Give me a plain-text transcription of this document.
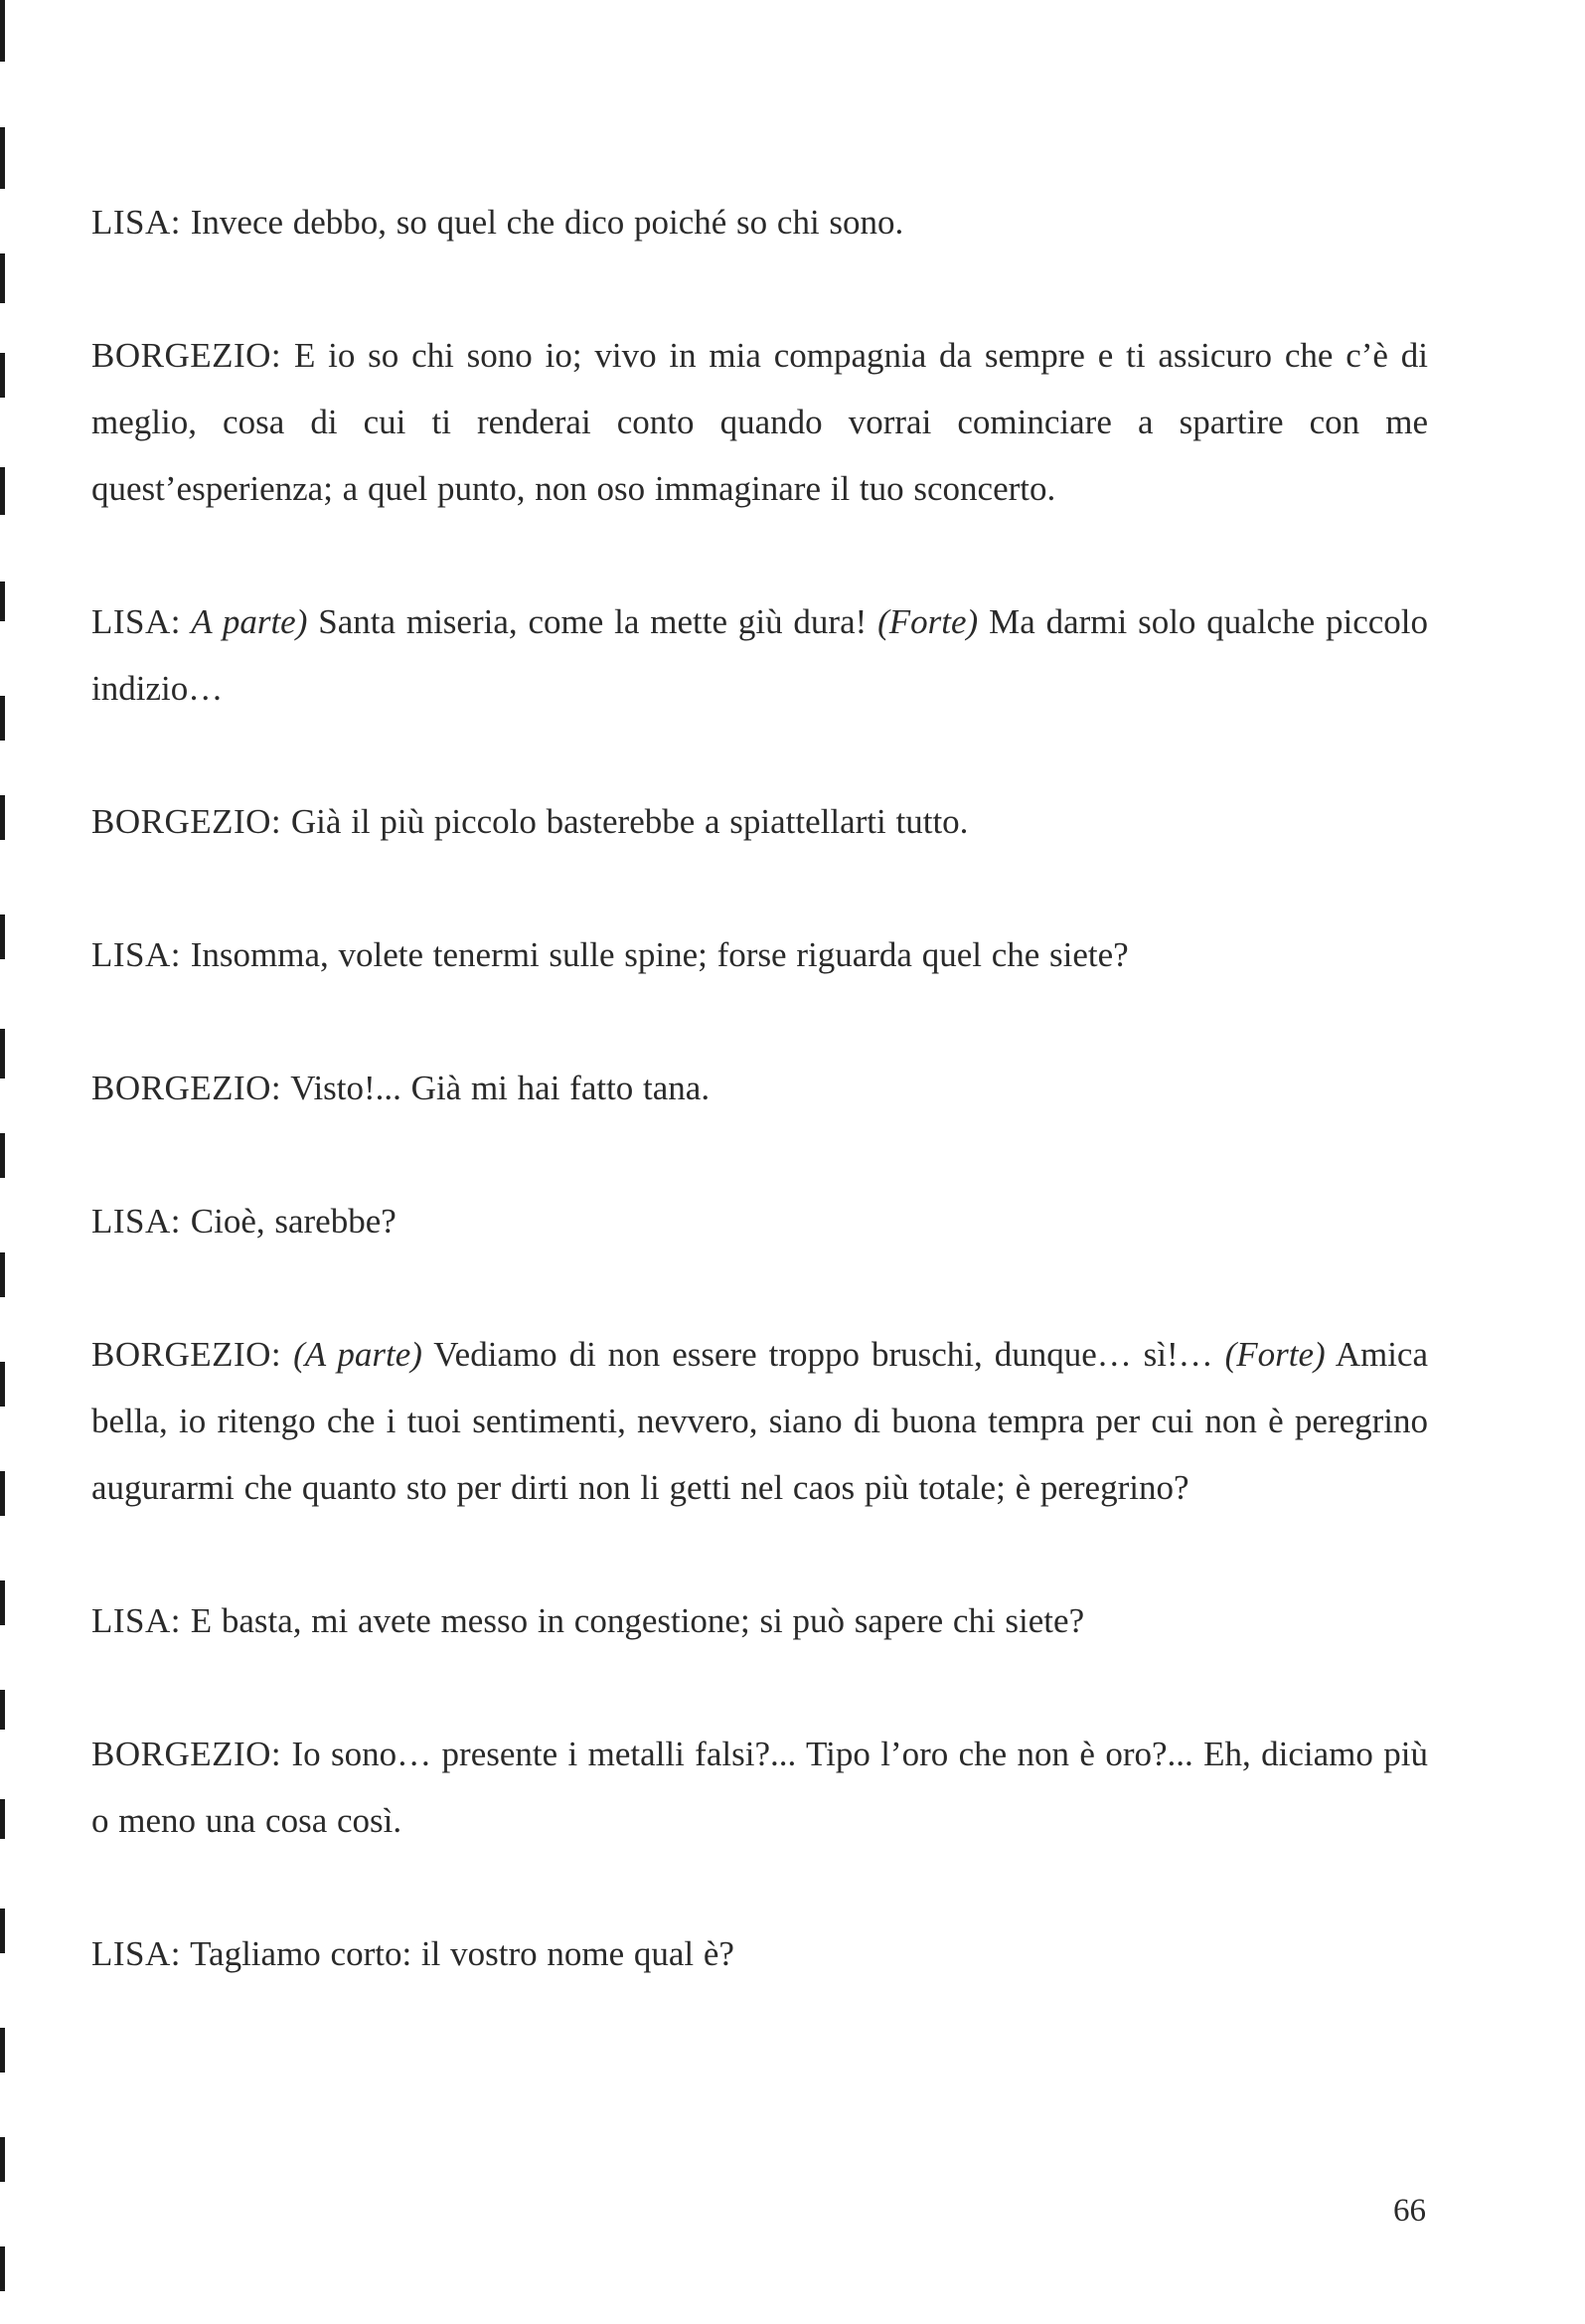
LISA: Invece debbo, so quel che dico poiché so chi sono.

BORGEZIO: E io so chi sono io; vivo in mia compagnia da sempre e ti assicuro che c’è di meglio, cosa di cui ti renderai conto quando vorrai cominciare a spartire con me quest’esperienza; a quel punto, non oso immaginare il tuo sconcerto.

LISA: A parte) Santa miseria, come la mette giù dura! (Forte) Ma darmi solo qualche piccolo indizio…

BORGEZIO: Già il più piccolo basterebbe a spiattellarti tutto.

LISA: Insomma, volete tenermi sulle spine; forse riguarda quel che siete?

BORGEZIO: Visto!... Già mi hai fatto tana.

LISA: Cioè, sarebbe?

BORGEZIO: (A parte) Vediamo di non essere troppo bruschi, dunque… sì!… (Forte) Amica bella, io ritengo che i tuoi sentimenti, nevvero, siano di buona tempra per cui non è peregrino augurarmi che quanto sto per dirti non li getti nel caos più totale; è peregrino?

LISA: E basta, mi avete messo in congestione; si può sapere chi siete?

BORGEZIO: Io sono… presente i metalli falsi?... Tipo l’oro che non è oro?... Eh, diciamo più o meno una cosa così.

LISA: Tagliamo corto: il vostro nome qual è?

66
